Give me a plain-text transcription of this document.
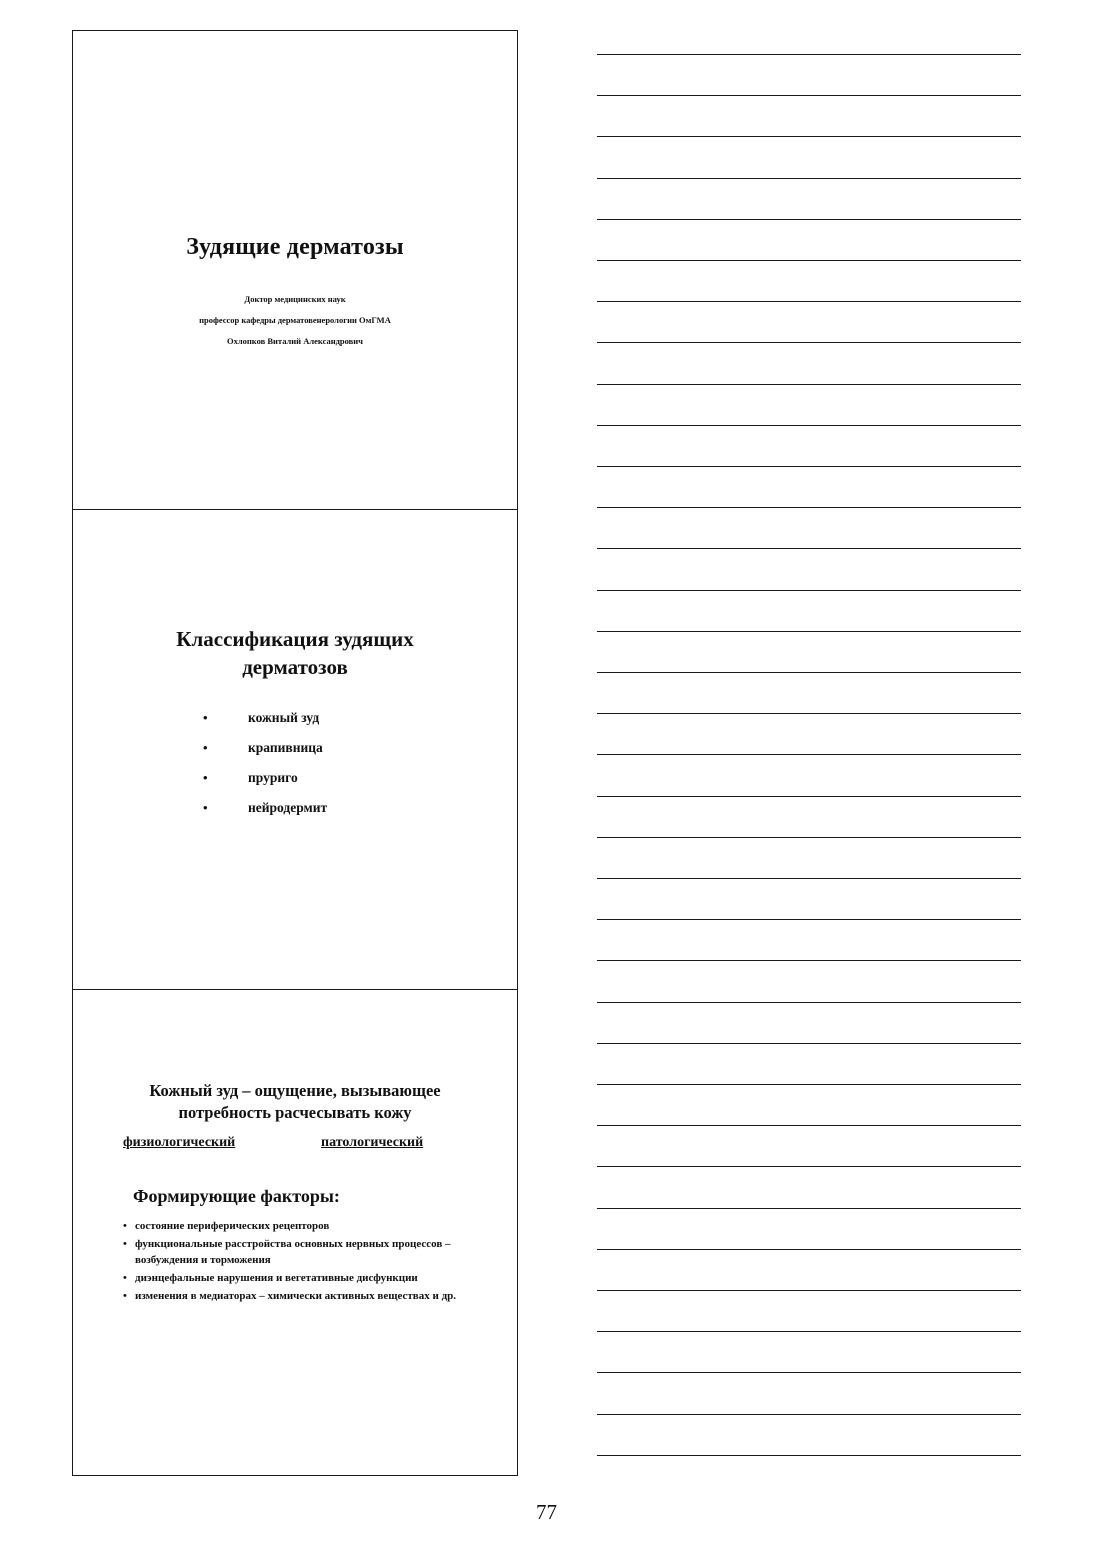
Зудящие дерматозы
Доктор медицинских наук
профессор кафедры дерматовенерологии ОмГМА
Охлопков Виталий Александрович
Классификация зудящих
дерматозов
•	кожный зуд
•	крапивница
•	пруриго
•	нейродермит
Кожный зуд – ощущение, вызывающее
потребность расчесывать кожу
физиологический	патологический
Формирующие факторы:
• состояние периферических рецепторов
• функциональные расстройства основных нервных процессов – возбуждения и торможения
• диэнцефальные нарушения и вегетативные дисфункции
• изменения в медиаторах – химически активных веществах и др.
77
